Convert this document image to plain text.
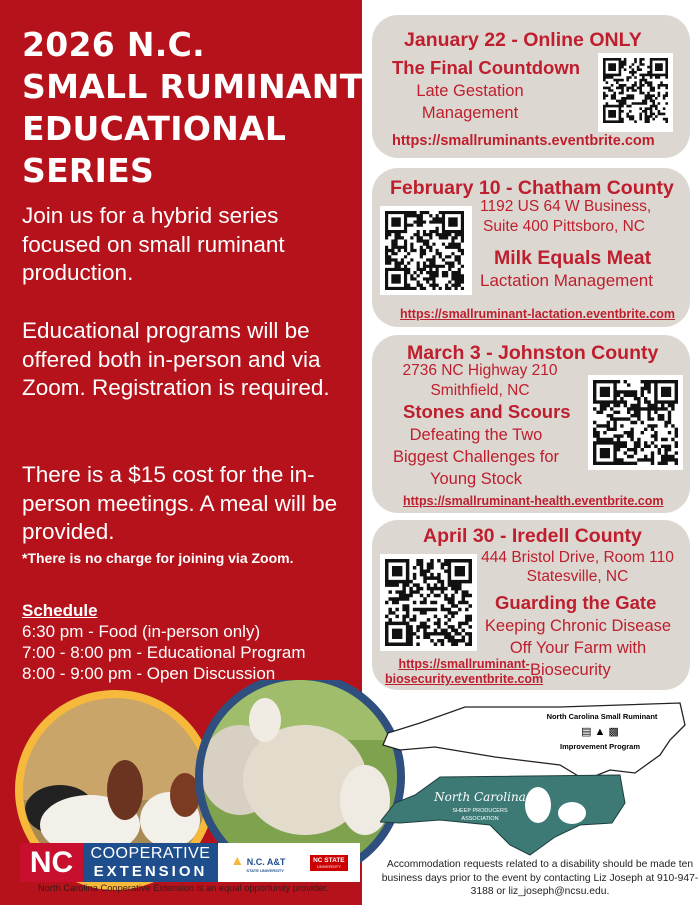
2026 N.C.
SMALL RUMINANT
EDUCATIONAL
SERIES
Join us for a hybrid series focused on small ruminant production.
Educational programs will be offered both in-person and via Zoom. Registration is required.
There is a $15 cost for the in-person meetings. A meal will be provided.
*There is no charge for joining via Zoom.
Schedule
6:30 pm - Food (in-person only)
7:00 - 8:00 pm - Educational Program
8:00 - 9:00 pm - Open Discussion
NC	COOPERATIVE
EXTENSION
▲ N.C. A&T
STATE UNIVERSITY
NC STATE
UNIVERSITY
North Carolina Cooperative Extension is an equal opportunity provider.
January 22 - Online ONLY
The Final Countdown
Late Gestation
Management
https://smallruminants.eventbrite.com
February 10 - Chatham County
1192 US 64 W Business,
Suite 400 Pittsboro, NC
Milk Equals Meat
Lactation Management
https://smallruminant-lactation.eventbrite.com
March 3 - Johnston County
2736 NC Highway 210
Smithfield, NC
Stones and Scours
Defeating the Two
Biggest Challenges for
Young Stock
https://smallruminant-health.eventbrite.com
April 30 - Iredell County
444 Bristol Drive, Room 110
Statesville, NC
Guarding the Gate
Keeping Chronic Disease
Off Your Farm with
Biosecurity
https://smallruminant-
biosecurity.eventbrite.com
North Carolina Small Ruminant
Improvement Program
▤ ▲ ▩
North Carolina
SHEEP PRODUCERS
ASSOCIATION
Accommodation requests related to a disability should be made ten business days prior to the event by contacting Liz Joseph at 910-947-3188 or liz_joseph@ncsu.edu.
